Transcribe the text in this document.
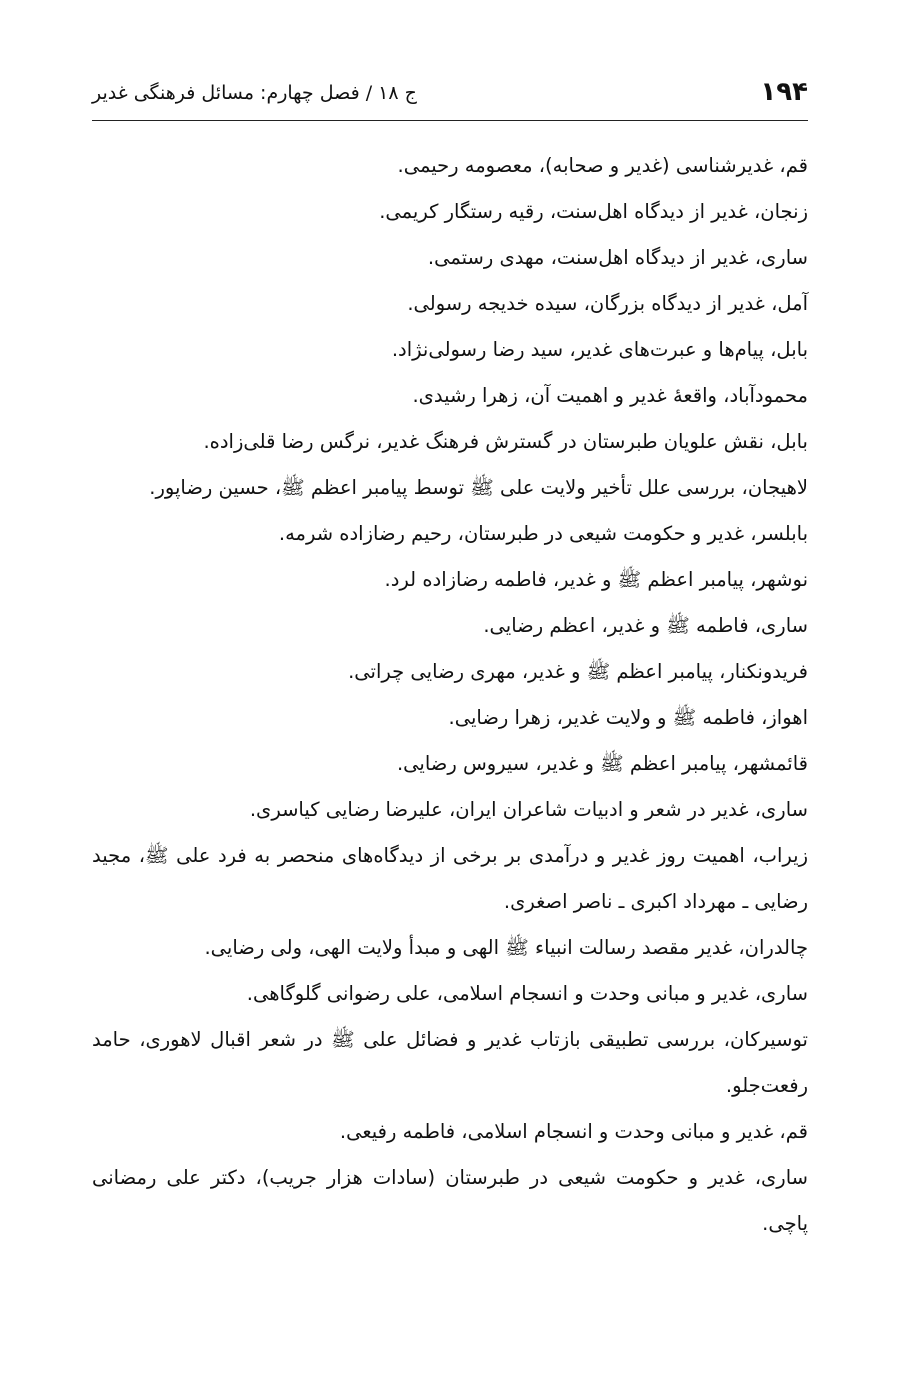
۱۹۴
ج ۱۸ / فصل چهارم: مسائل فرهنگی غدیر

قم، غدیرشناسی (غدیر و صحابه)، معصومه رحیمی.

زنجان، غدیر از دیدگاه اهل‌سنت، رقیه رستگار کریمی.

ساری، غدیر از دیدگاه اهل‌سنت، مهدی رستمی.

آمل، غدیر از دیدگاه بزرگان، سیده خدیجه رسولی.

بابل، پیام‌ها و عبرت‌های غدیر، سید رضا رسولی‌نژاد.

محمودآباد، واقعهٔ غدیر و اهمیت آن، زهرا رشیدی.

بابل، نقش علویان طبرستان در گسترش فرهنگ غدیر، نرگس رضا قلی‌زاده.

لاهیجان، بررسی علل تأخیر ولایت علی ﷺ توسط پیامبر اعظم ﷺ، حسین رضاپور.

بابلسر، غدیر و حکومت شیعی در طبرستان، رحیم رضازاده شرمه.

نوشهر، پیامبر اعظم ﷺ و غدیر، فاطمه رضازاده لرد.

ساری، فاطمه ﷺ و غدیر، اعظم رضایی.

فریدونکنار، پیامبر اعظم ﷺ و غدیر، مهری رضایی چراتی.

اهواز، فاطمه ﷺ و ولایت غدیر، زهرا رضایی.

قائمشهر، پیامبر اعظم ﷺ و غدیر، سیروس رضایی.

ساری، غدیر در شعر و ادبیات شاعران ایران، علیرضا رضایی کیاسری.

زیراب، اهمیت روز غدیر و درآمدی بر برخی از دیدگاه‌های منحصر به فرد علی ﷺ، مجید رضایی ـ مهرداد اکبری ـ ناصر اصغری.

چالدران، غدیر مقصد رسالت انبیاء ﷺ الهی و مبدأ ولایت الهی، ولی رضایی.

ساری، غدیر و مبانی وحدت و انسجام اسلامی، علی رضوانی گلوگاهی.

توسیرکان، بررسی تطبیقی بازتاب غدیر و فضائل علی ﷺ در شعر اقبال لاهوری، حامد رفعت‌جلو.

قم، غدیر و مبانی وحدت و انسجام اسلامی، فاطمه رفیعی.

ساری، غدیر و حکومت شیعی در طبرستان (سادات هزار جریب)، دکتر علی رمضانی پاچی.
